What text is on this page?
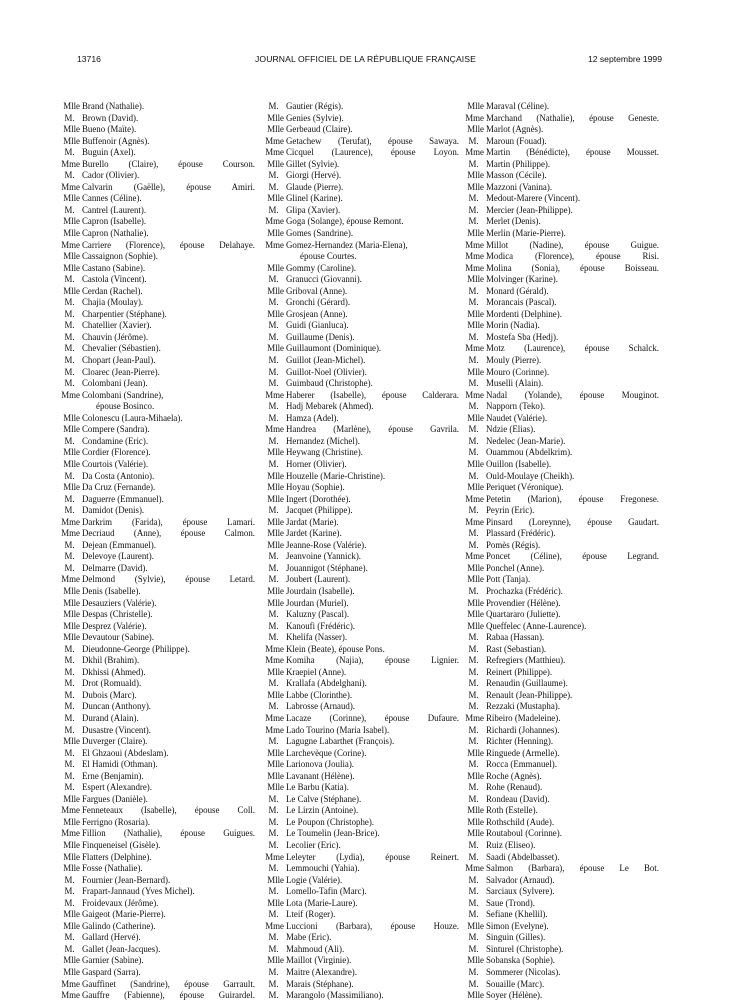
13716	JOURNAL OFFICIEL DE LA RÉPUBLIQUE FRANÇAISE	12 septembre 1999
Mlle Brand (Nathalie).
M. Brown (David).
Mlle Bueno (Maïte).
Mlle Buffenoir (Agnès).
M. Buguin (Axel).
Mme Burello (Claire), épouse Courson.
M. Cador (Olivier).
Mme Calvarin (Gaëlle), épouse Amiri.
Mlle Cannes (Céline).
M. Cantrel (Laurent).
Mlle Capron (Isabelle).
Mlle Capron (Nathalie).
Mme Carriere (Florence), épouse Delahaye.
Mlle Cassaignon (Sophie).
Mlle Castano (Sabine).
M. Castola (Vincent).
Mlle Cerdan (Rachel).
M. Chajia (Moulay).
M. Charpentier (Stéphane).
M. Chatellier (Xavier).
M. Chauvin (Jérôme).
M. Chevalier (Sébastien).
M. Chopart (Jean-Paul).
M. Cloarec (Jean-Pierre).
M. Colombani (Jean).
Mme Colombani (Sandrine),
épouse Bosinco.
Mlle Colonescu (Laura-Mihaela).
Mlle Compere (Sandra).
M. Condamine (Eric).
Mlle Cordier (Florence).
Mlle Courtois (Valérie).
M. Da Costa (Antonio).
Mlle Da Cruz (Fernande).
M. Daguerre (Emmanuel).
M. Damidot (Denis).
Mme Darkrim (Farida), épouse Lamari.
Mme Decriaud (Anne), épouse Calmon.
M. Dejean (Emmanuel).
M. Delevoye (Laurent).
M. Delmarre (David).
Mme Delmond (Sylvie), épouse Letard.
Mlle Denis (Isabelle).
Mlle Desauziers (Valérie).
Mlle Despas (Christelle).
Mlle Desprez (Valérie).
Mlle Devautour (Sabine).
M. Dieudonne-George (Philippe).
M. Dkhil (Brahim).
M. Dkhissi (Ahmed).
M. Drot (Romuald).
M. Dubois (Marc).
M. Duncan (Anthony).
M. Durand (Alain).
M. Dusastre (Vincent).
Mlle Duverger (Claire).
M. El Ghzaoui (Abdeslam).
M. El Hamidi (Othman).
M. Erne (Benjamin).
M. Espert (Alexandre).
Mlle Fargues (Danièle).
Mme Fenneteaux (Isabelle), épouse Coll.
Mlle Ferrigno (Rosaria).
Mme Fillion (Nathalie), épouse Guigues.
Mlle Finqueneisel (Gisèle).
Mlle Flatters (Delphine).
Mlle Fosse (Nathalie).
M. Fournier (Jean-Bernard).
M. Frapart-Jannaud (Yves Michel).
M. Froidevaux (Jérôme).
Mlle Gaigeot (Marie-Pierre).
Mlle Galindo (Catherine).
M. Gallard (Hervé).
M. Gallet (Jean-Jacques).
Mlle Garnier (Sabine).
Mlle Gaspard (Sarra).
Mme Gauffinet (Sandrine), épouse Garrault.
Mme Gauffre (Fabienne), épouse Guirardel.
M. Gautier (Régis).
Mlle Genies (Sylvie).
Mlle Gerbeaud (Claire).
Mme Getachew (Terufat), épouse Sawaya.
Mme Cicquel (Laurence), épouse Loyon.
Mlle Gillet (Sylvie).
M. Giorgi (Hervé).
M. Glaude (Pierre).
Mlle Glinel (Karine).
M. Glipa (Xavier).
Mme Goga (Solange), épouse Remont.
Mlle Gomes (Sandrine).
Mme Gomez-Hernandez (Maria-Elena),
épouse Courtes.
Mlle Gommy (Caroline).
M. Granucci (Giovanni).
Mlle Griboval (Anne).
M. Gronchi (Gérard).
Mlle Grosjean (Anne).
M. Guidi (Gianluca).
M. Guillaume (Denis).
Mlle Guillaumont (Dominique).
M. Guillot (Jean-Michel).
M. Guillot-Noel (Olivier).
M. Guimbaud (Christophe).
Mme Haberer (Isabelle), épouse Calderara.
M. Hadj Mebarek (Ahmed).
M. Hamza (Adel).
Mme Handrea (Marlène), épouse Gavrila.
M. Hernandez (Michel).
Mlle Heywang (Christine).
M. Horner (Olivier).
Mlle Houzelle (Marie-Christine).
Mlle Hoyau (Sophie).
Mlle Ingert (Dorothée).
M. Jacquet (Philippe).
Mlle Jardat (Marie).
Mlle Jardet (Karine).
Mlle Jeanne-Rose (Valérie).
M. Jeanvoine (Yannick).
M. Jouannigot (Stéphane).
M. Joubert (Laurent).
Mlle Jourdain (Isabelle).
Mlle Jourdan (Muriel).
M. Kaluzny (Pascal).
M. Kanoufi (Frédéric).
M. Khelifa (Nasser).
Mme Klein (Beate), épouse Pons.
Mme Komiha (Najia), épouse Lignier.
Mlle Kraepiel (Anne).
M. Krallafa (Abdelghani).
Mlle Labbe (Clorinthe).
M. Labrosse (Arnaud).
Mme Lacaze (Corinne), épouse Dufaure.
Mme Lado Tourino (Maria Isabel).
M. Lagugne Labarthet (François).
Mlle Larchevèque (Corine).
Mlle Larionova (Joulia).
Mlle Lavanant (Hélène).
Mlle Le Barbu (Katia).
M. Le Calve (Stéphane).
M. Le Lirzin (Antoine).
M. Le Poupon (Christophe).
M. Le Toumelin (Jean-Brice).
M. Lecolier (Eric).
Mme Leleyter (Lydia), épouse Reinert.
M. Lemmouchi (Yahia).
Mlle Logie (Valérie).
M. Lomello-Tafin (Marc).
Mlle Lota (Marie-Laure).
M. Lteif (Roger).
Mme Luccioni (Barbara), épouse Houze.
M. Mabe (Eric).
M. Mahmoud (Ali).
Mlle Maillot (Virginie).
M. Maitre (Alexandre).
M. Marais (Stéphane).
M. Marangolo (Massimiliano).
Mlle Maraval (Céline).
Mme Marchand (Nathalie), épouse Geneste.
Mlle Marlot (Agnès).
M. Maroun (Fouad).
Mme Martin (Bénédicte), épouse Mousset.
M. Martin (Philippe).
Mlle Masson (Cécile).
Mlle Mazzoni (Vanina).
M. Medout-Marere (Vincent).
M. Mercier (Jean-Philippe).
M. Merlet (Denis).
Mlle Merlin (Marie-Pierre).
Mme Millot (Nadine), épouse Guigue.
Mme Modica (Florence), épouse Risi.
Mme Molina (Sonia), épouse Boisseau.
Mlle Molvinger (Karine).
M. Monard (Gérald).
M. Morancais (Pascal).
Mlle Mordenti (Delphine).
Mlle Morin (Nadia).
M. Mostefa Sba (Hedj).
Mme Motz (Laurence), épouse Schalck.
M. Mouly (Pierre).
Mlle Mouro (Corinne).
M. Muselli (Alain).
Mme Nadal (Yolande), épouse Mouginot.
M. Napporn (Teko).
Mlle Naudet (Valérie).
M. Ndzie (Elias).
M. Nedelec (Jean-Marie).
M. Ouammou (Abdelkrim).
Mlle Ouillon (Isabelle).
M. Ould-Moulaye (Cheikh).
Mlle Periquet (Véronique).
Mme Petetin (Marion), épouse Fregonese.
M. Peyrin (Eric).
Mme Pinsard (Loreynne), épouse Gaudart.
M. Plassard (Frédéric).
M. Pomès (Régis).
Mme Poncet (Céline), épouse Legrand.
Mlle Ponchel (Anne).
Mlle Pott (Tanja).
M. Prochazka (Frédéric).
Mlle Provendier (Hélène).
Mlle Quartararo (Juliette).
Mlle Queffelec (Anne-Laurence).
M. Rabaa (Hassan).
M. Rast (Sebastian).
M. Refregiers (Matthieu).
M. Reinert (Philippe).
M. Renaudin (Guillaume).
M. Renault (Jean-Philippe).
M. Rezzaki (Mustapha).
Mme Ribeiro (Madeleine).
M. Richardi (Johannes).
M. Richter (Henning).
Mlle Ringuede (Armelle).
M. Rocca (Emmanuel).
Mlle Roche (Agnès).
M. Rohe (Renaud).
M. Rondeau (David).
Mlle Roth (Estelle).
Mlle Rothschild (Aude).
Mlle Routaboul (Corinne).
M. Ruiz (Eliseo).
M. Saadi (Abdelbasset).
Mme Salmon (Barbara), épouse Le Bot.
M. Salvador (Arnaud).
M. Sarciaux (Sylvere).
M. Saue (Trond).
M. Sefiane (Khellil).
Mlle Simon (Evelyne).
M. Singuin (Gilles).
M. Sinturel (Christophe).
Mlle Sobanska (Sophie).
M. Sommerer (Nicolas).
M. Souaille (Marc).
Mlle Soyer (Hélène).
